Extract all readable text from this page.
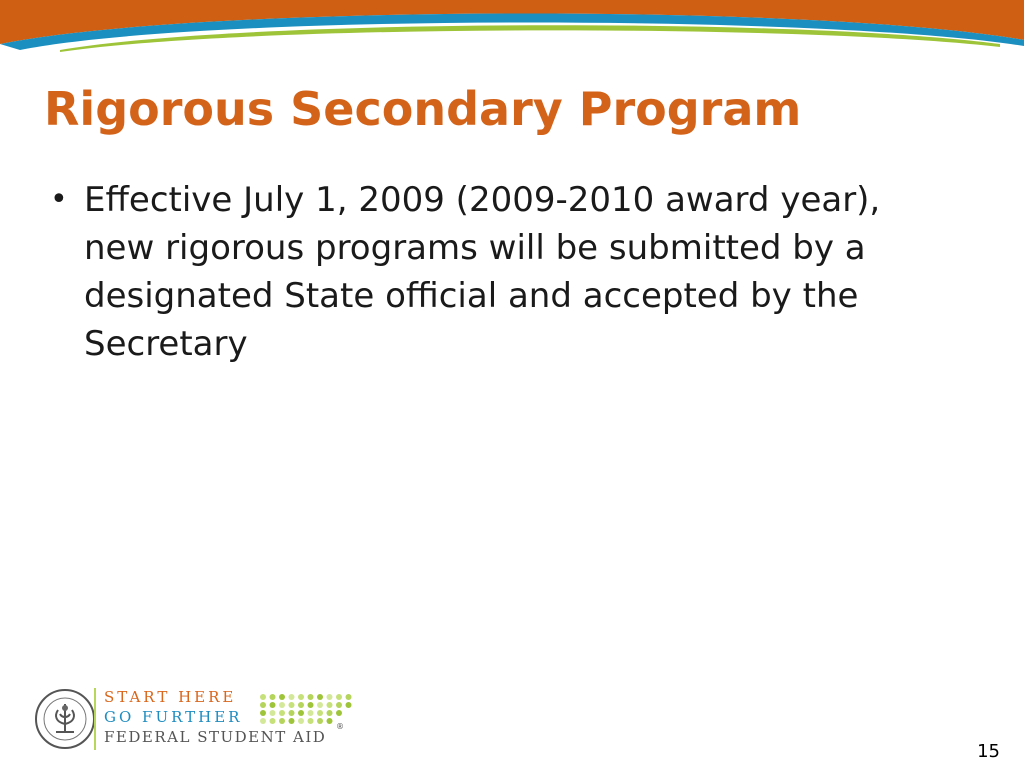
Rigorous Secondary Program
• Effective July 1, 2009 (2009-2010 award year), new rigorous programs will be submitted by a designated State official and accepted by the Secretary
START HERE
GO FURTHER
FEDERAL STUDENT AID
®
15
